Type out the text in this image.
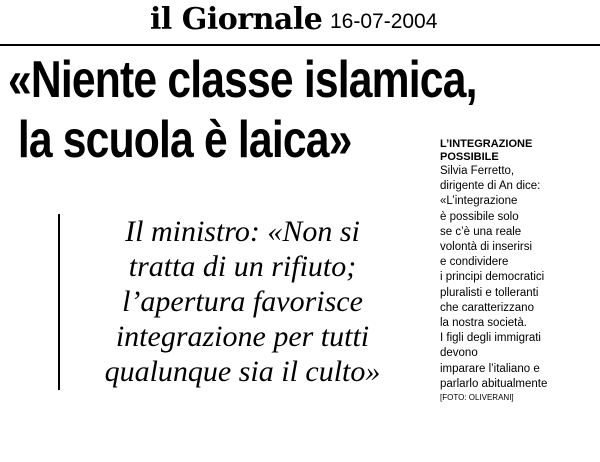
il Giornale 16-07-2004
«Niente classe islamica,
la scuola è laica»
Il ministro: «Non si
tratta di un rifiuto;
l’apertura favorisce
integrazione per tutti
qualunque sia il culto»
L’INTEGRAZIONE
POSSIBILE
Silvia Ferretto,
dirigente di An dice:
«L’integrazione
è possibile solo
se c’è una reale
volontà di inserirsi
e condividere
i principi democratici
pluralisti e tolleranti
che caratterizzano
la nostra società.
I figli degli immigrati
devono
imparare l’italiano e
parlarlo abitualmente
[FOTO: OLIVERANI]
